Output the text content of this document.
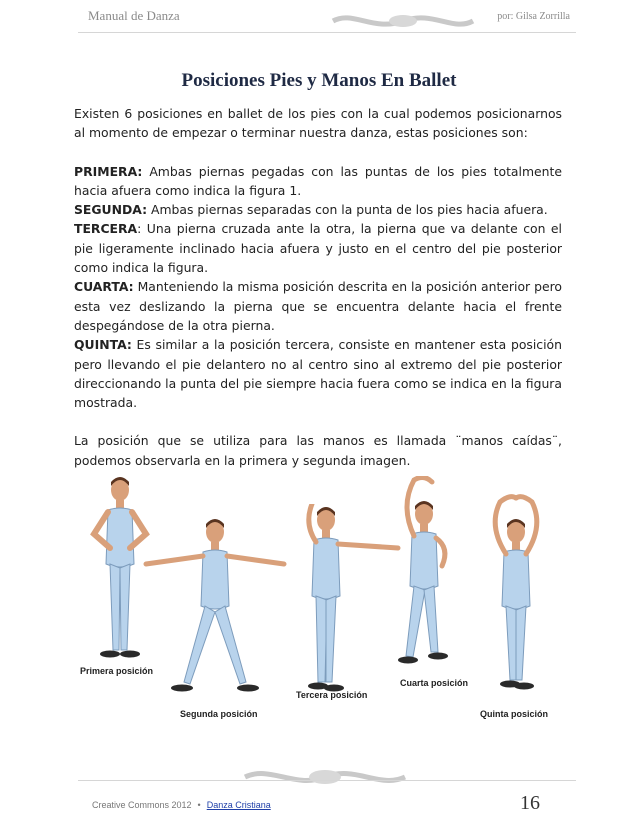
Manual de Danza	por: Gilsa Zorrilla
Posiciones Pies y Manos En Ballet

Existen 6 posiciones en ballet de los pies con la cual podemos posicionarnos al momento de empezar o terminar nuestra danza, estas posiciones son:

PRIMERA: Ambas piernas pegadas con las puntas de los pies totalmente hacia afuera como indica la figura 1.

SEGUNDA: Ambas piernas separadas con la punta de los pies hacia afuera.

TERCERA: Una pierna cruzada ante la otra, la pierna que va delante con el pie ligeramente inclinado hacia afuera y justo en el centro del pie posterior como indica la figura.

CUARTA: Manteniendo la misma posición descrita en la posición anterior pero esta vez deslizando la pierna que se encuentra delante hacia el frente despegándose de la otra pierna.

QUINTA: Es similar a la posición tercera, consiste en mantener esta posición pero llevando el pie delantero no al centro sino al extremo del pie posterior direccionando la punta del pie siempre hacia fuera como se indica en la figura mostrada.

La posición que se utiliza para las manos es llamada ¨manos caídas¨, podemos observarla en la primera y segunda imagen.

Primera posición
Segunda posición
Tercera posición
Cuarta posición
Quinta posición
Creative Commons 2012 • Danza Cristiana	16
